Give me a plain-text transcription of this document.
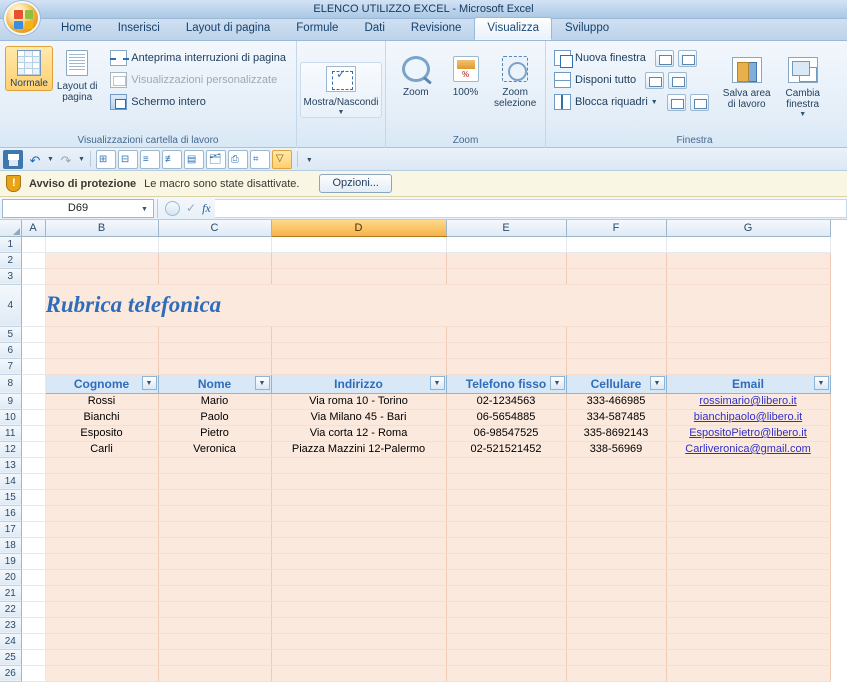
ELENCO UTILIZZO EXCEL - Microsoft Excel
Home	Inserisci	Layout di pagina	Formule	Dati	Revisione	Visualizza	Sviluppo
Normale Layout di pagina
Anteprima interruzioni di pagina
Visualizzazioni personalizzate
Schermo intero
Visualizzazioni cartella di lavoro
✓
Mostra/Nascondi
▼
Zoom
%
100%	Zoom selezione
Zoom
Nuova finestra
Disponi tutto
Blocca riquadri ▼
Salva area di lavoro
Cambia finestra
▼
Finestra
↶ ▼ ↷ ▼ ⊞ ⊟ ≡ ≢ ▤ 🗂 ⎙ ⌗ ▽	▼
!
Avviso di protezione Le macro sono state disattivate.	Opzioni...
D69	▼	✓ fx
	A	B	C	D	E	F	G
1							
2							
3							
4		Rubrica telefonica					
5							
6							
7							
8		Cognome ▼	Nome ▼	Indirizzo ▼	Telefono fisso ▼	Cellulare ▼	Email ▼

9		Rossi	Mario	Via roma 10 - Torino	02-1234563	333-466985	rossimario@libero.it
10		Bianchi	Paolo	Via Milano 45 - Bari	06-5654885	334-587485	bianchipaolo@libero.it
11		Esposito	Pietro	Via corta 12 - Roma	06-98547525	335-8692143	EspositoPietro@libero.it
12		Carli	Veronica	Piazza Mazzini 12-Palermo	02-521521452	338-56969	Carliveronica@gmail.com
13							
14							
15							
16							
17							
18							
19							
20							
21							
22							
23							
24							
25							
26							
